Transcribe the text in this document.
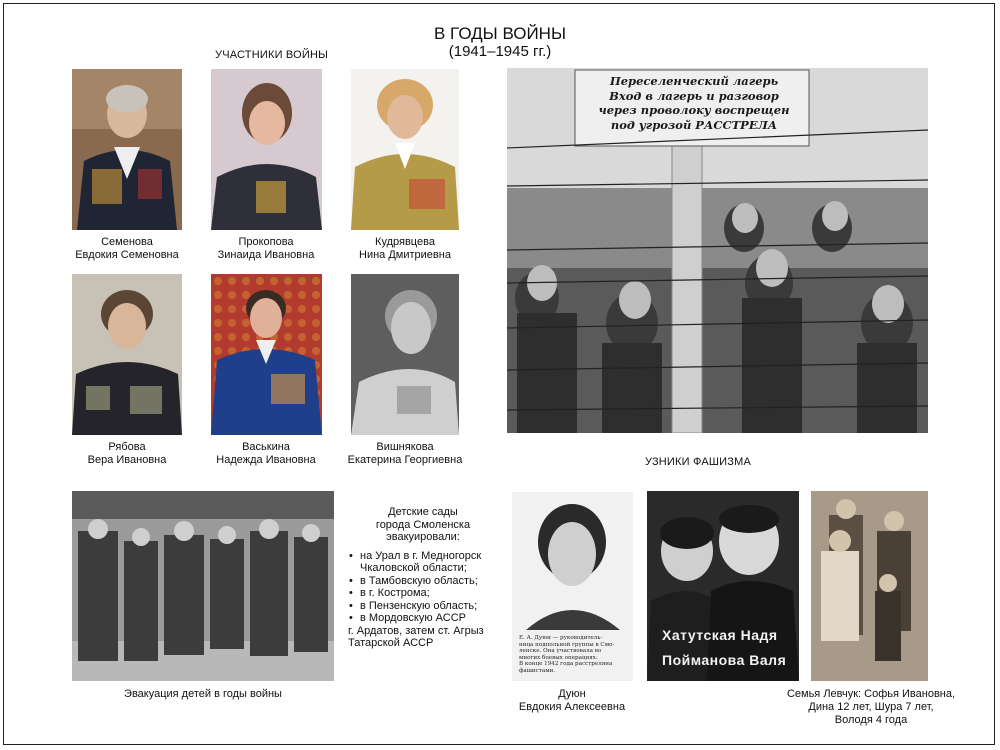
В ГОДЫ ВОЙНЫ
(1941–1945 гг.)
УЧАСТНИКИ ВОЙНЫ
Семенова
Евдокия Семеновна
Прокопова
Зинаида Ивановна
Кудрявцева
Нина Дмитриевна
Рябова
Вера Ивановна
Васькина
Надежда Ивановна
Вишнякова
Екатерина Георгиевна
Переселенческий лагерь
Вход в лагерь и разговор
через проволоку воспрещен
под угрозой РАССТРЕЛА
УЗНИКИ ФАШИЗМА
Эвакуация детей в годы войны
Детские сады
города Смоленска
эвакуировали:
• на Урал в г. Медногорск
Чкаловской области;
• в Тамбовскую область;
• в г. Кострома;
• в Пензенскую область;
• в Мордовскую АССР
г. Ардатов, затем ст. Агрыз
Татарской АССР	Е. А. Дуюн — руководитель-
ница подпольной группы в Смо-
ленске. Она участвовала во
многих боевых операциях.
В конце 1942 года расстреляна
фашистами.
Дуюн
Евдокия Алексеевна
Хатутская Надя
Пойманова Валя
Семья Левчук: Софья Ивановна,
Дина 12 лет, Шура 7 лет,
Володя 4 года
